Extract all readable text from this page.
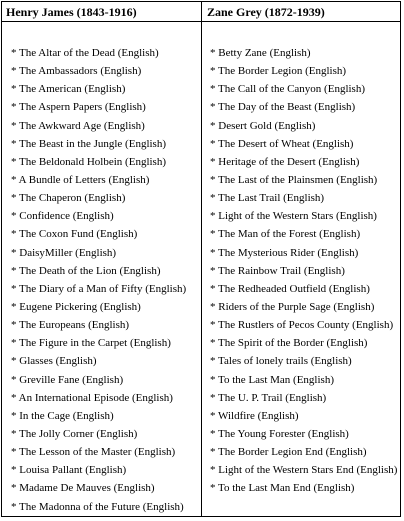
Henry James (1843-1916)
* The Altar of the Dead (English)
* The Ambassadors (English)
* The American (English)
* The Aspern Papers (English)
* The Awkward Age (English)
* The Beast in the Jungle (English)
* The Beldonald Holbein (English)
* A Bundle of Letters (English)
* The Chaperon (English)
* Confidence (English)
* The Coxon Fund (English)
* DaisyMiller (English)
* The Death of the Lion (English)
* The Diary of a Man of Fifty (English)
* Eugene Pickering (English)
* The Europeans (English)
* The Figure in the Carpet (English)
* Glasses (English)
* Greville Fane (English)
* An International Episode (English)
* In the Cage (English)
* The Jolly Corner (English)
* The Lesson of the Master (English)
* Louisa Pallant (English)
* Madame De Mauves (English)
* The Madonna of the Future (English)
Zane Grey (1872-1939)
* Betty Zane (English)
* The Border Legion (English)
* The Call of the Canyon (English)
* The Day of the Beast (English)
* Desert Gold (English)
* The Desert of Wheat (English)
* Heritage of the Desert (English)
* The Last of the Plainsmen (English)
* The Last Trail (English)
* Light of the Western Stars (English)
* The Man of the Forest (English)
* The Mysterious Rider (English)
* The Rainbow Trail (English)
* The Redheaded Outfield (English)
* Riders of the Purple Sage (English)
* The Rustlers of Pecos County (English)
* The Spirit of the Border (English)
* Tales of lonely trails (English)
* To the Last Man (English)
* The U. P. Trail (English)
* Wildfire (English)
* The Young Forester (English)
* The Border Legion End (English)
* Light of the Western Stars End (English)
* To the Last Man End (English)
